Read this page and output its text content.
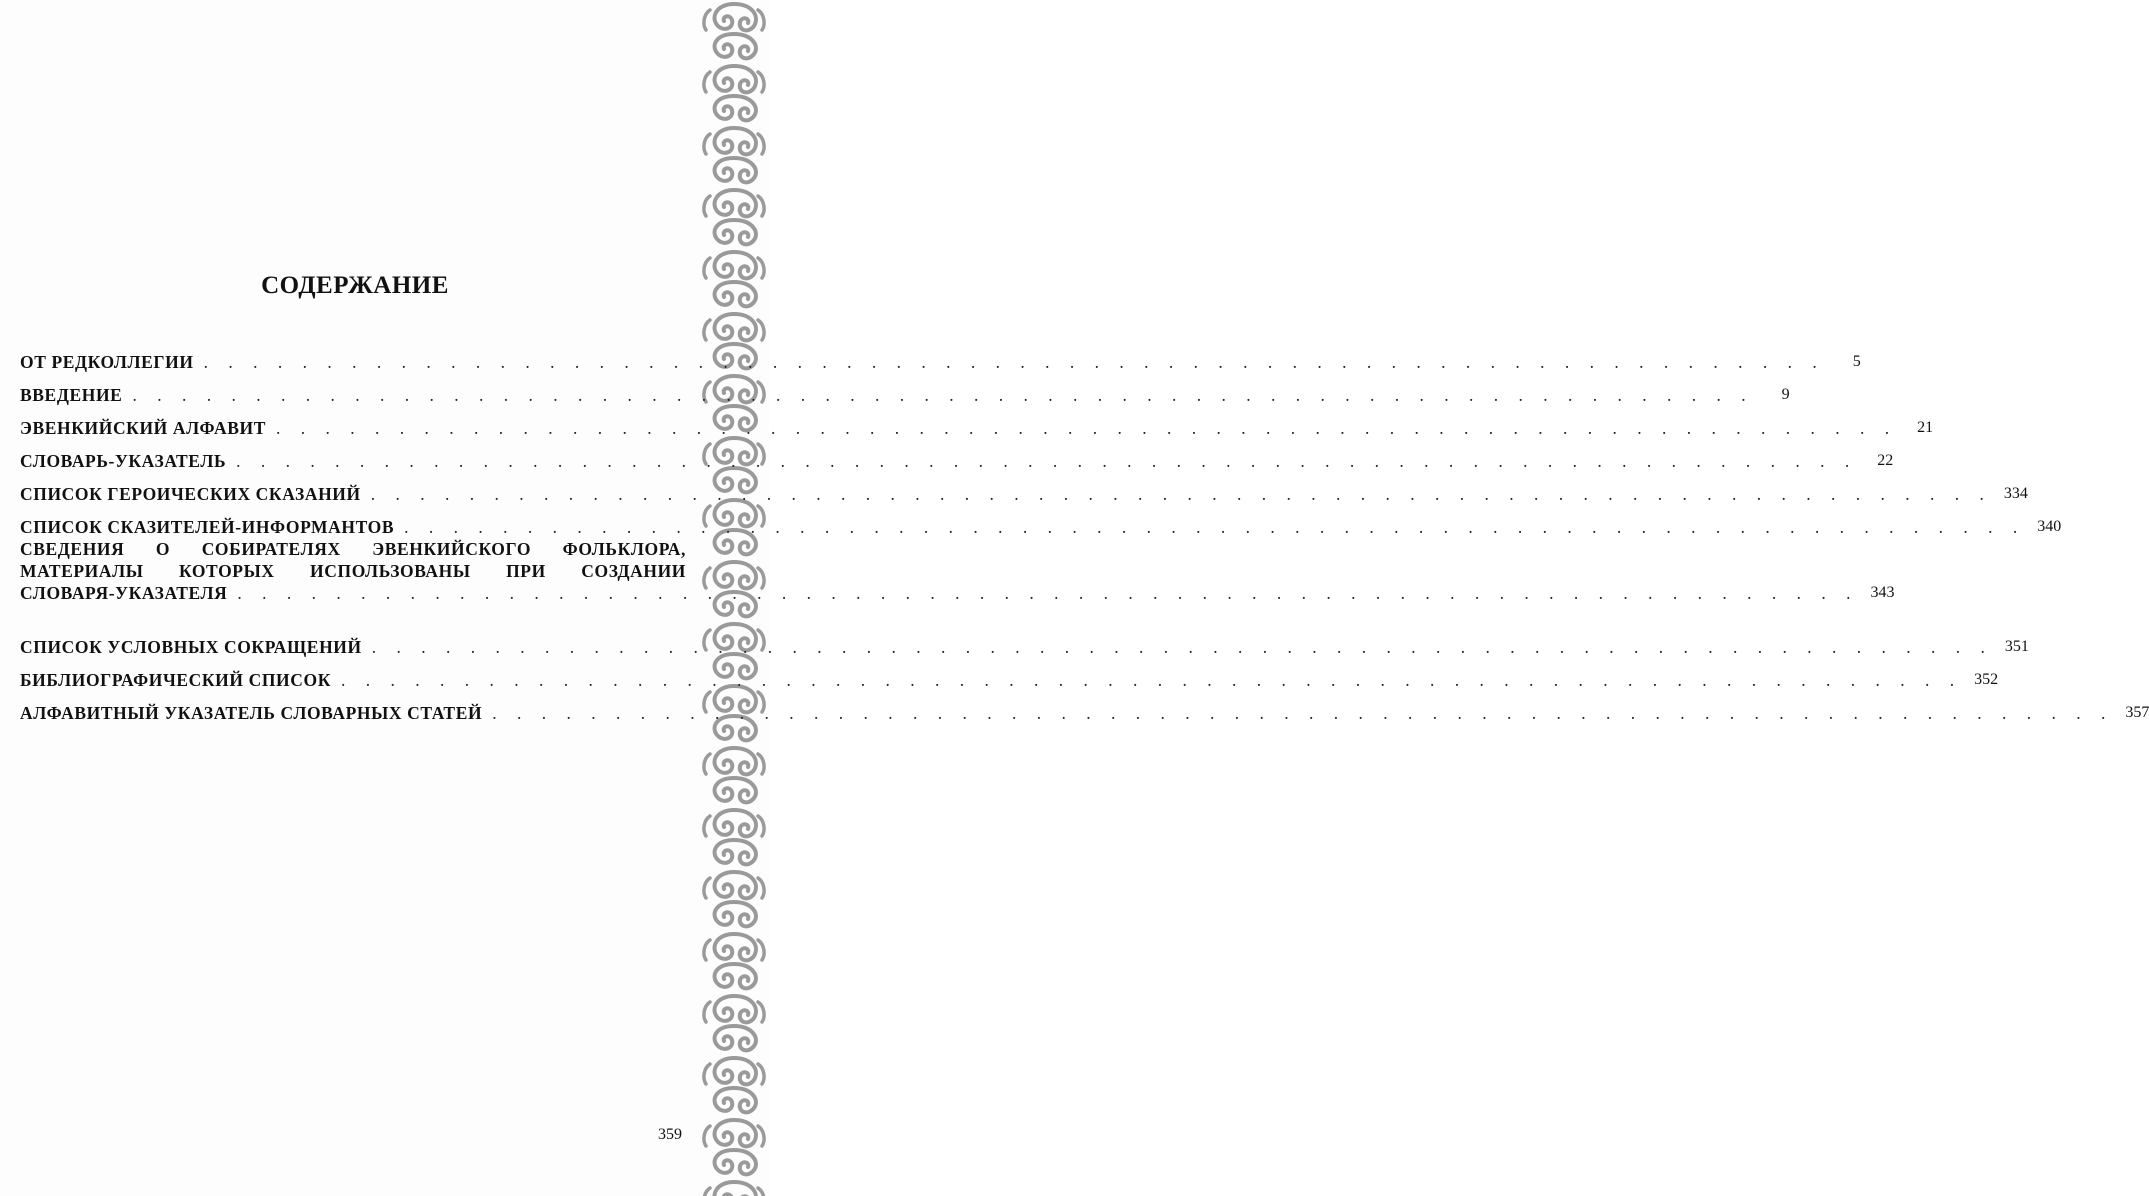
СОДЕРЖАНИЕ
ОТ РЕДКОЛЛЕГИИ . . . . . . . . . . . . . . . . . . . . . . . . . . . . . . . . . . . . . . . . . . . . . . . . . . . . . . . . . . . . . . . . . .	5
ВВЕДЕНИЕ . . . . . . . . . . . . . . . . . . . . . . . . . . . . . . . . . . . . . . . . . . . . . . . . . . . . . . . . . . . . . . . . . .	9
ЭВЕНКИЙСКИЙ АЛФАВИТ . . . . . . . . . . . . . . . . . . . . . . . . . . . . . . . . . . . . . . . . . . . . . . . . . . . . . . . . . . . . . . . . . .	21
СЛОВАРЬ-УКАЗАТЕЛЬ . . . . . . . . . . . . . . . . . . . . . . . . . . . . . . . . . . . . . . . . . . . . . . . . . . . . . . . . . . . . . . . . . .	22
СПИСОК ГЕРОИЧЕСКИХ СКАЗАНИЙ . . . . . . . . . . . . . . . . . . . . . . . . . . . . . . . . . . . . . . . . . . . . . . . . . . . . . . . . . . . . . . . . . . 334
СПИСОК СКАЗИТЕЛЕЙ-ИНФОРМАНТОВ . . . . . . . . . . . . . . . . . . . . . . . . . . . . . . . . . . . . . . . . . . . . . . . . . . . . . . . . . . . . . . . . . . 340
СВЕДЕНИЯ О СОБИРАТЕЛЯХ ЭВЕНКИЙСКОГО ФОЛЬКЛОРА,
МАТЕРИАЛЫ КОТОРЫХ ИСПОЛЬЗОВАНЫ ПРИ СОЗДАНИИ
СЛОВАРЯ-УКАЗАТЕЛЯ . . . . . . . . . . . . . . . . . . . . . . . . . . . . . . . . . . . . . . . . . . . . . . . . . . . . . . . . . . . . . . . . . . 343
СПИСОК УСЛОВНЫХ СОКРАЩЕНИЙ . . . . . . . . . . . . . . . . . . . . . . . . . . . . . . . . . . . . . . . . . . . . . . . . . . . . . . . . . . . . . . . . . . 351
БИБЛИОГРАФИЧЕСКИЙ СПИСОК . . . . . . . . . . . . . . . . . . . . . . . . . . . . . . . . . . . . . . . . . . . . . . . . . . . . . . . . . . . . . . . . . . 352
АЛФАВИТНЫЙ УКАЗАТЕЛЬ СЛОВАРНЫХ СТАТЕЙ . . . . . . . . . . . . . . . . . . . . . . . . . . . . . . . . . . . . . . . . . . . . . . . . . . . . . . . . . . . . . . . . . . 357

359
